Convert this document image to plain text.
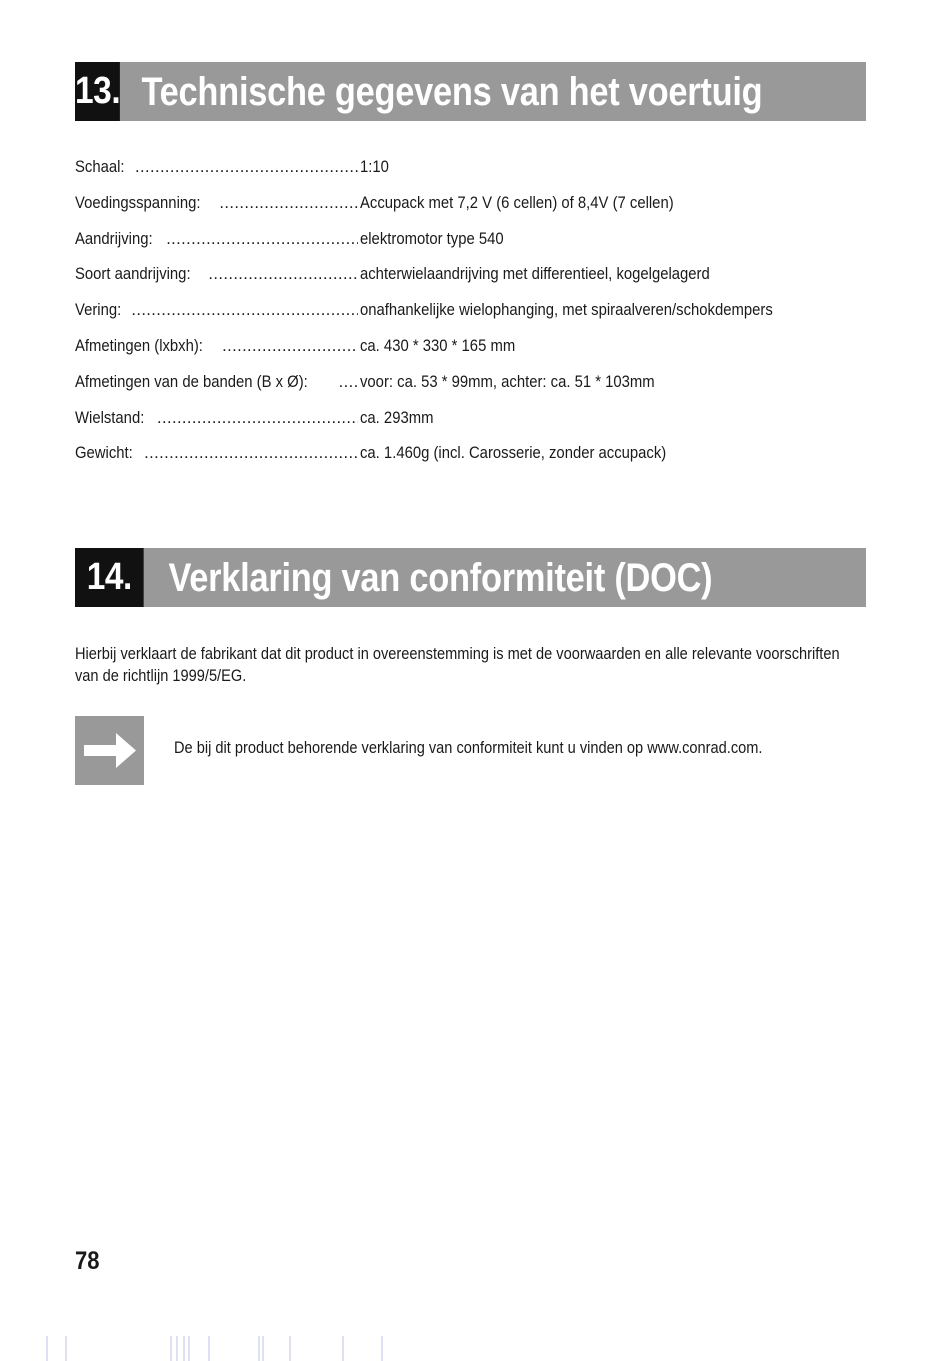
13. Technische gegevens van het voertuig
Schaal: .....	1:10
Voedingsspanning: .....	Accupack met 7,2 V (6 cellen) of 8,4V (7 cellen)
Aandrijving: .....	elektromotor type 540
Soort aandrijving: .....	achterwielaandrijving met differentieel, kogelgelagerd
Vering: .....	onafhankelijke wielophanging, met spiraalveren/schokdempers
Afmetingen (lxbxh): .....	ca. 430 * 330 * 165 mm
Afmetingen van de banden (B x Ø): .....	voor: ca. 53 * 99mm, achter: ca. 51 * 103mm
Wielstand: .....	ca. 293mm
Gewicht: .....	ca. 1.460g (incl. Carosserie, zonder accupack)
14. Verklaring van conformiteit (DOC)
Hierbij verklaart de fabrikant dat dit product in overeenstemming is met de voorwaarden en alle relevante voorschriften
van de richtlijn 1999/5/EG.
De bij dit product behorende verklaring van conformiteit kunt u vinden op www.conrad.com.
78
